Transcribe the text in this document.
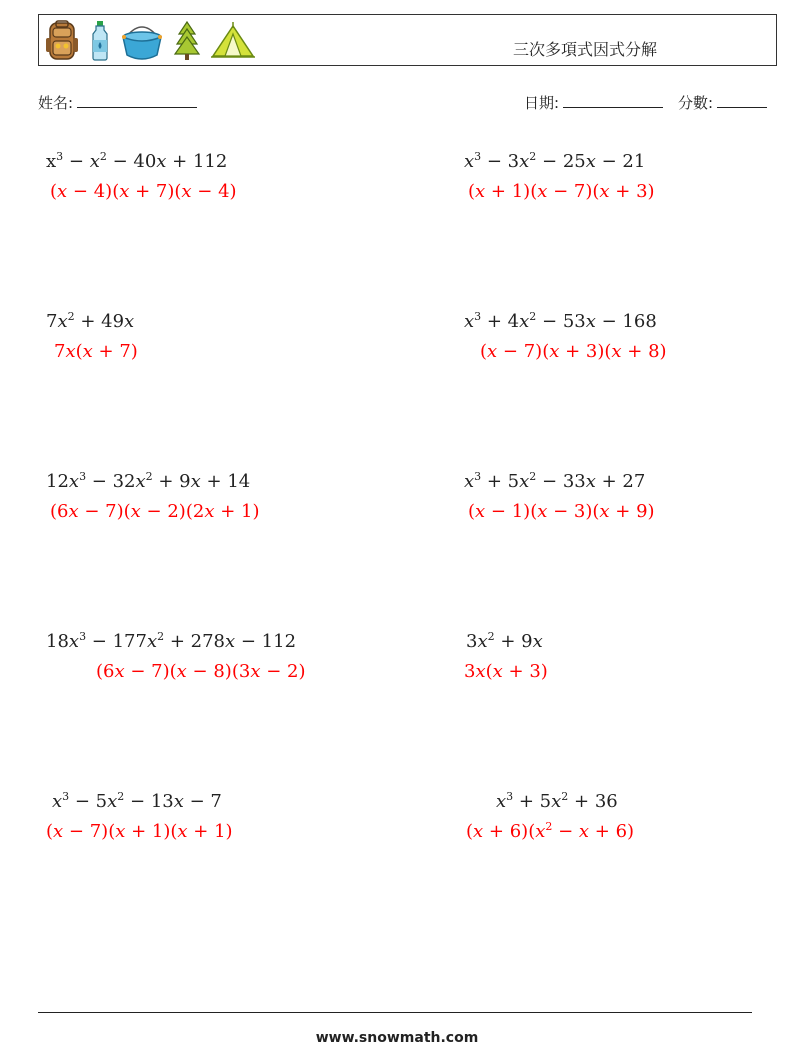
三次多項式因式分解
姓名:	日期:	分數:
$x^3 - x^2 - 40x + 112$
(x − 4)(x + 7)(x − 4)
$x^3 - 3x^2 - 25x - 21$
(x + 1)(x − 7)(x + 3)
$7x^2 + 49x$
7x(x + 7)
$x^3 + 4x^2 - 53x - 168$
(x − 7)(x + 3)(x + 8)
$12x^3 - 32x^2 + 9x + 14$
(6x − 7)(x − 2)(2x + 1)
$x^3 + 5x^2 - 33x + 27$
(x − 1)(x − 3)(x + 9)
$18x^3 - 177x^2 + 278x - 112$
(6x − 7)(x − 8)(3x − 2)
$3x^2 + 9x$
3x(x + 3)
$x^3 - 5x^2 - 13x - 7$
(x − 7)(x + 1)(x + 1)
$x^3 + 5x^2 + 36$
$(x + 6)(x^2 - x + 6)$
www.snowmath.com
